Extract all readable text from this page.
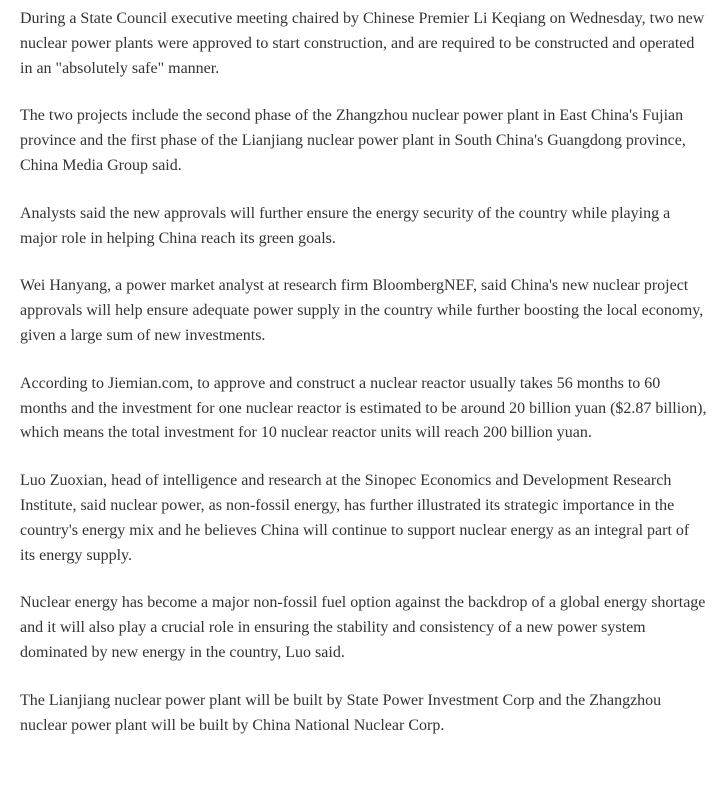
During a State Council executive meeting chaired by Chinese Premier Li Keqiang on Wednesday, two new nuclear power plants were approved to start construction, and are required to be constructed and operated in an "absolutely safe" manner.

The two projects include the second phase of the Zhangzhou nuclear power plant in East China's Fujian province and the first phase of the Lianjiang nuclear power plant in South China's Guangdong province, China Media Group said.

Analysts said the new approvals will further ensure the energy security of the country while playing a major role in helping China reach its green goals.

Wei Hanyang, a power market analyst at research firm BloombergNEF, said China's new nuclear project approvals will help ensure adequate power supply in the country while further boosting the local economy, given a large sum of new investments.

According to Jiemian.com, to approve and construct a nuclear reactor usually takes 56 months to 60 months and the investment for one nuclear reactor is estimated to be around 20 billion yuan ($2.87 billion), which means the total investment for 10 nuclear reactor units will reach 200 billion yuan.

Luo Zuoxian, head of intelligence and research at the Sinopec Economics and Development Research Institute, said nuclear power, as non-fossil energy, has further illustrated its strategic importance in the country's energy mix and he believes China will continue to support nuclear energy as an integral part of its energy supply.

Nuclear energy has become a major non-fossil fuel option against the backdrop of a global energy shortage and it will also play a crucial role in ensuring the stability and consistency of a new power system dominated by new energy in the country, Luo said.

The Lianjiang nuclear power plant will be built by State Power Investment Corp and the Zhangzhou nuclear power plant will be built by China National Nuclear Corp.
